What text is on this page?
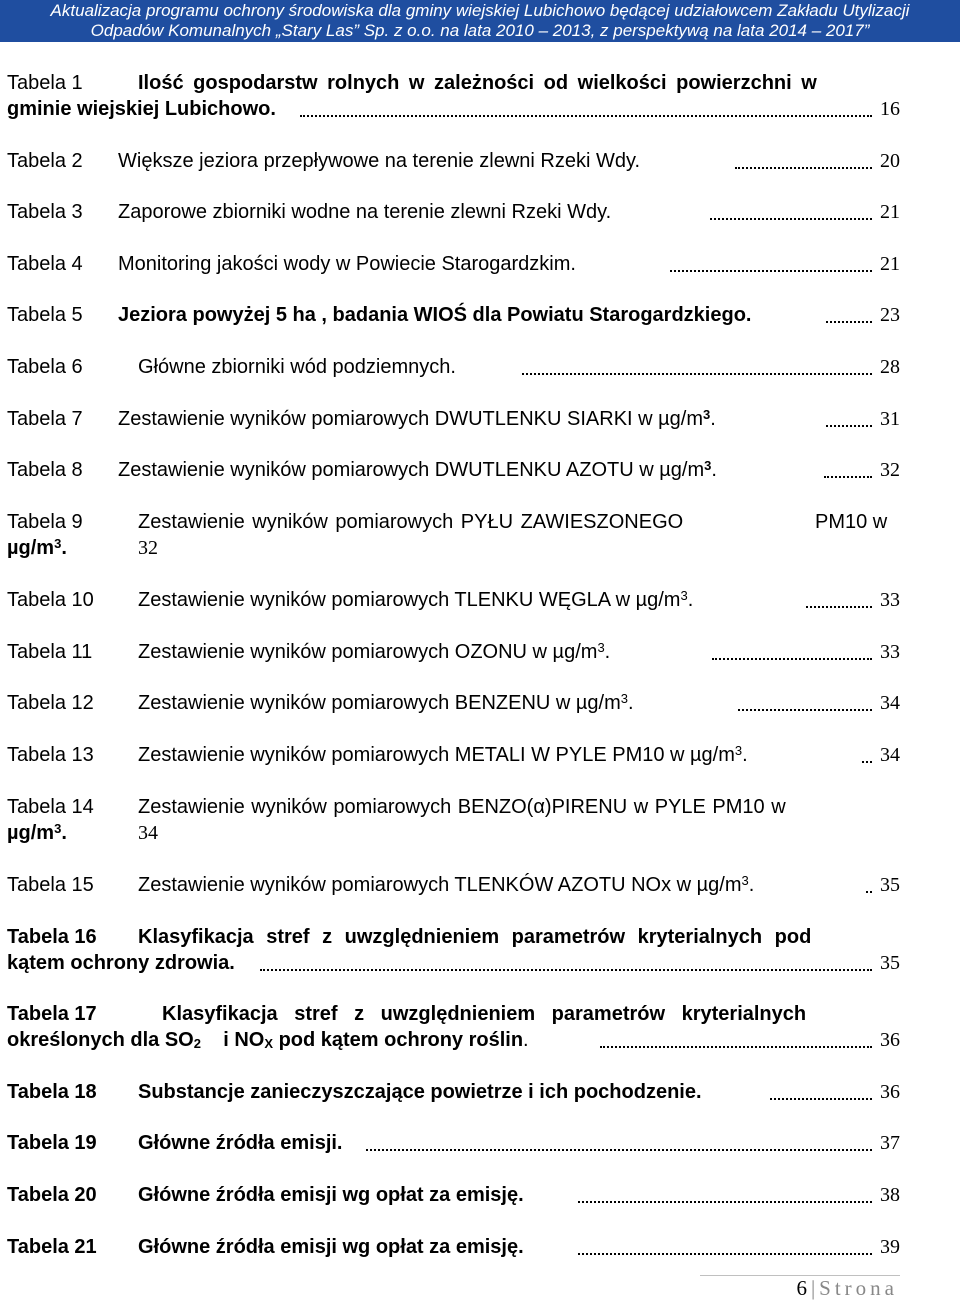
Aktualizacja programu ochrony środowiska dla gminy wiejskiej Lubichowo będącej udziałowcem Zakładu Utylizacji
Odpadów Komunalnych „Stary Las” Sp. z o.o. na lata 2010 – 2013, z perspektywą na lata 2014 – 2017”
Tabela 1	Ilość gospodarstw rolnych w zależności od wielkości powierzchni w
gminie wiejskiej Lubichowo.	16
Tabela 2 Większe jeziora przepływowe na terenie zlewni Rzeki Wdy.	20
Tabela 3 Zaporowe zbiorniki wodne na terenie zlewni Rzeki Wdy.	21
Tabela 4 Monitoring jakości wody w Powiecie Starogardzkim.	21
Tabela 5 Jeziora powyżej 5 ha , badania WIOŚ dla Powiatu Starogardzkiego.	23
Tabela 6	Główne zbiorniki wód podziemnych.	28
Tabela 7 Zestawienie wyników pomiarowych DWUTLENKU SIARKI w $\mu g/m^3$.	31
Tabela 8 Zestawienie wyników pomiarowych DWUTLENKU AZOTU w $\mu g/m^3$.	32
Tabela 9	Zestawienie wyników pomiarowych PYŁU ZAWIESZONEGO	PM10 w
$\mu g/m^3$.	32
Tabela 10 Zestawienie wyników pomiarowych TLENKU WĘGLA w $\mu g/m^3$.	33
Tabela 11 Zestawienie wyników pomiarowych OZONU w $\mu g/m^3$.	33
Tabela 12 Zestawienie wyników pomiarowych BENZENU w $\mu g/m^3$.	34
Tabela 13 Zestawienie wyników pomiarowych METALI W PYLE PM10 w $\mu g/m^3$.	34
Tabela 14 Zestawienie wyników pomiarowych BENZO(α)PIRENU w PYLE PM10 w
$\mu g/m^3$.	34
Tabela 15 Zestawienie wyników pomiarowych TLENKÓW AZOTU NOx w $\mu g/m^3$.	35
Tabela 16 Klasyfikacja stref z uwzględnieniem parametrów kryterialnych pod
kątem ochrony zdrowia.	35
Tabela 17	Klasyfikacja stref z uwzględnieniem parametrów kryterialnych
określonych dla $SO_2$ i $NO_X$ pod kątem ochrony roślin.	36
Tabela 18 Substancje zanieczyszczające powietrze i ich pochodzenie.	36
Tabela 19 Główne źródła emisji.	37
Tabela 20 Główne źródła emisji wg opłat za emisję.	38
Tabela 21 Główne źródła emisji wg opłat za emisję.	39
6|Strona
